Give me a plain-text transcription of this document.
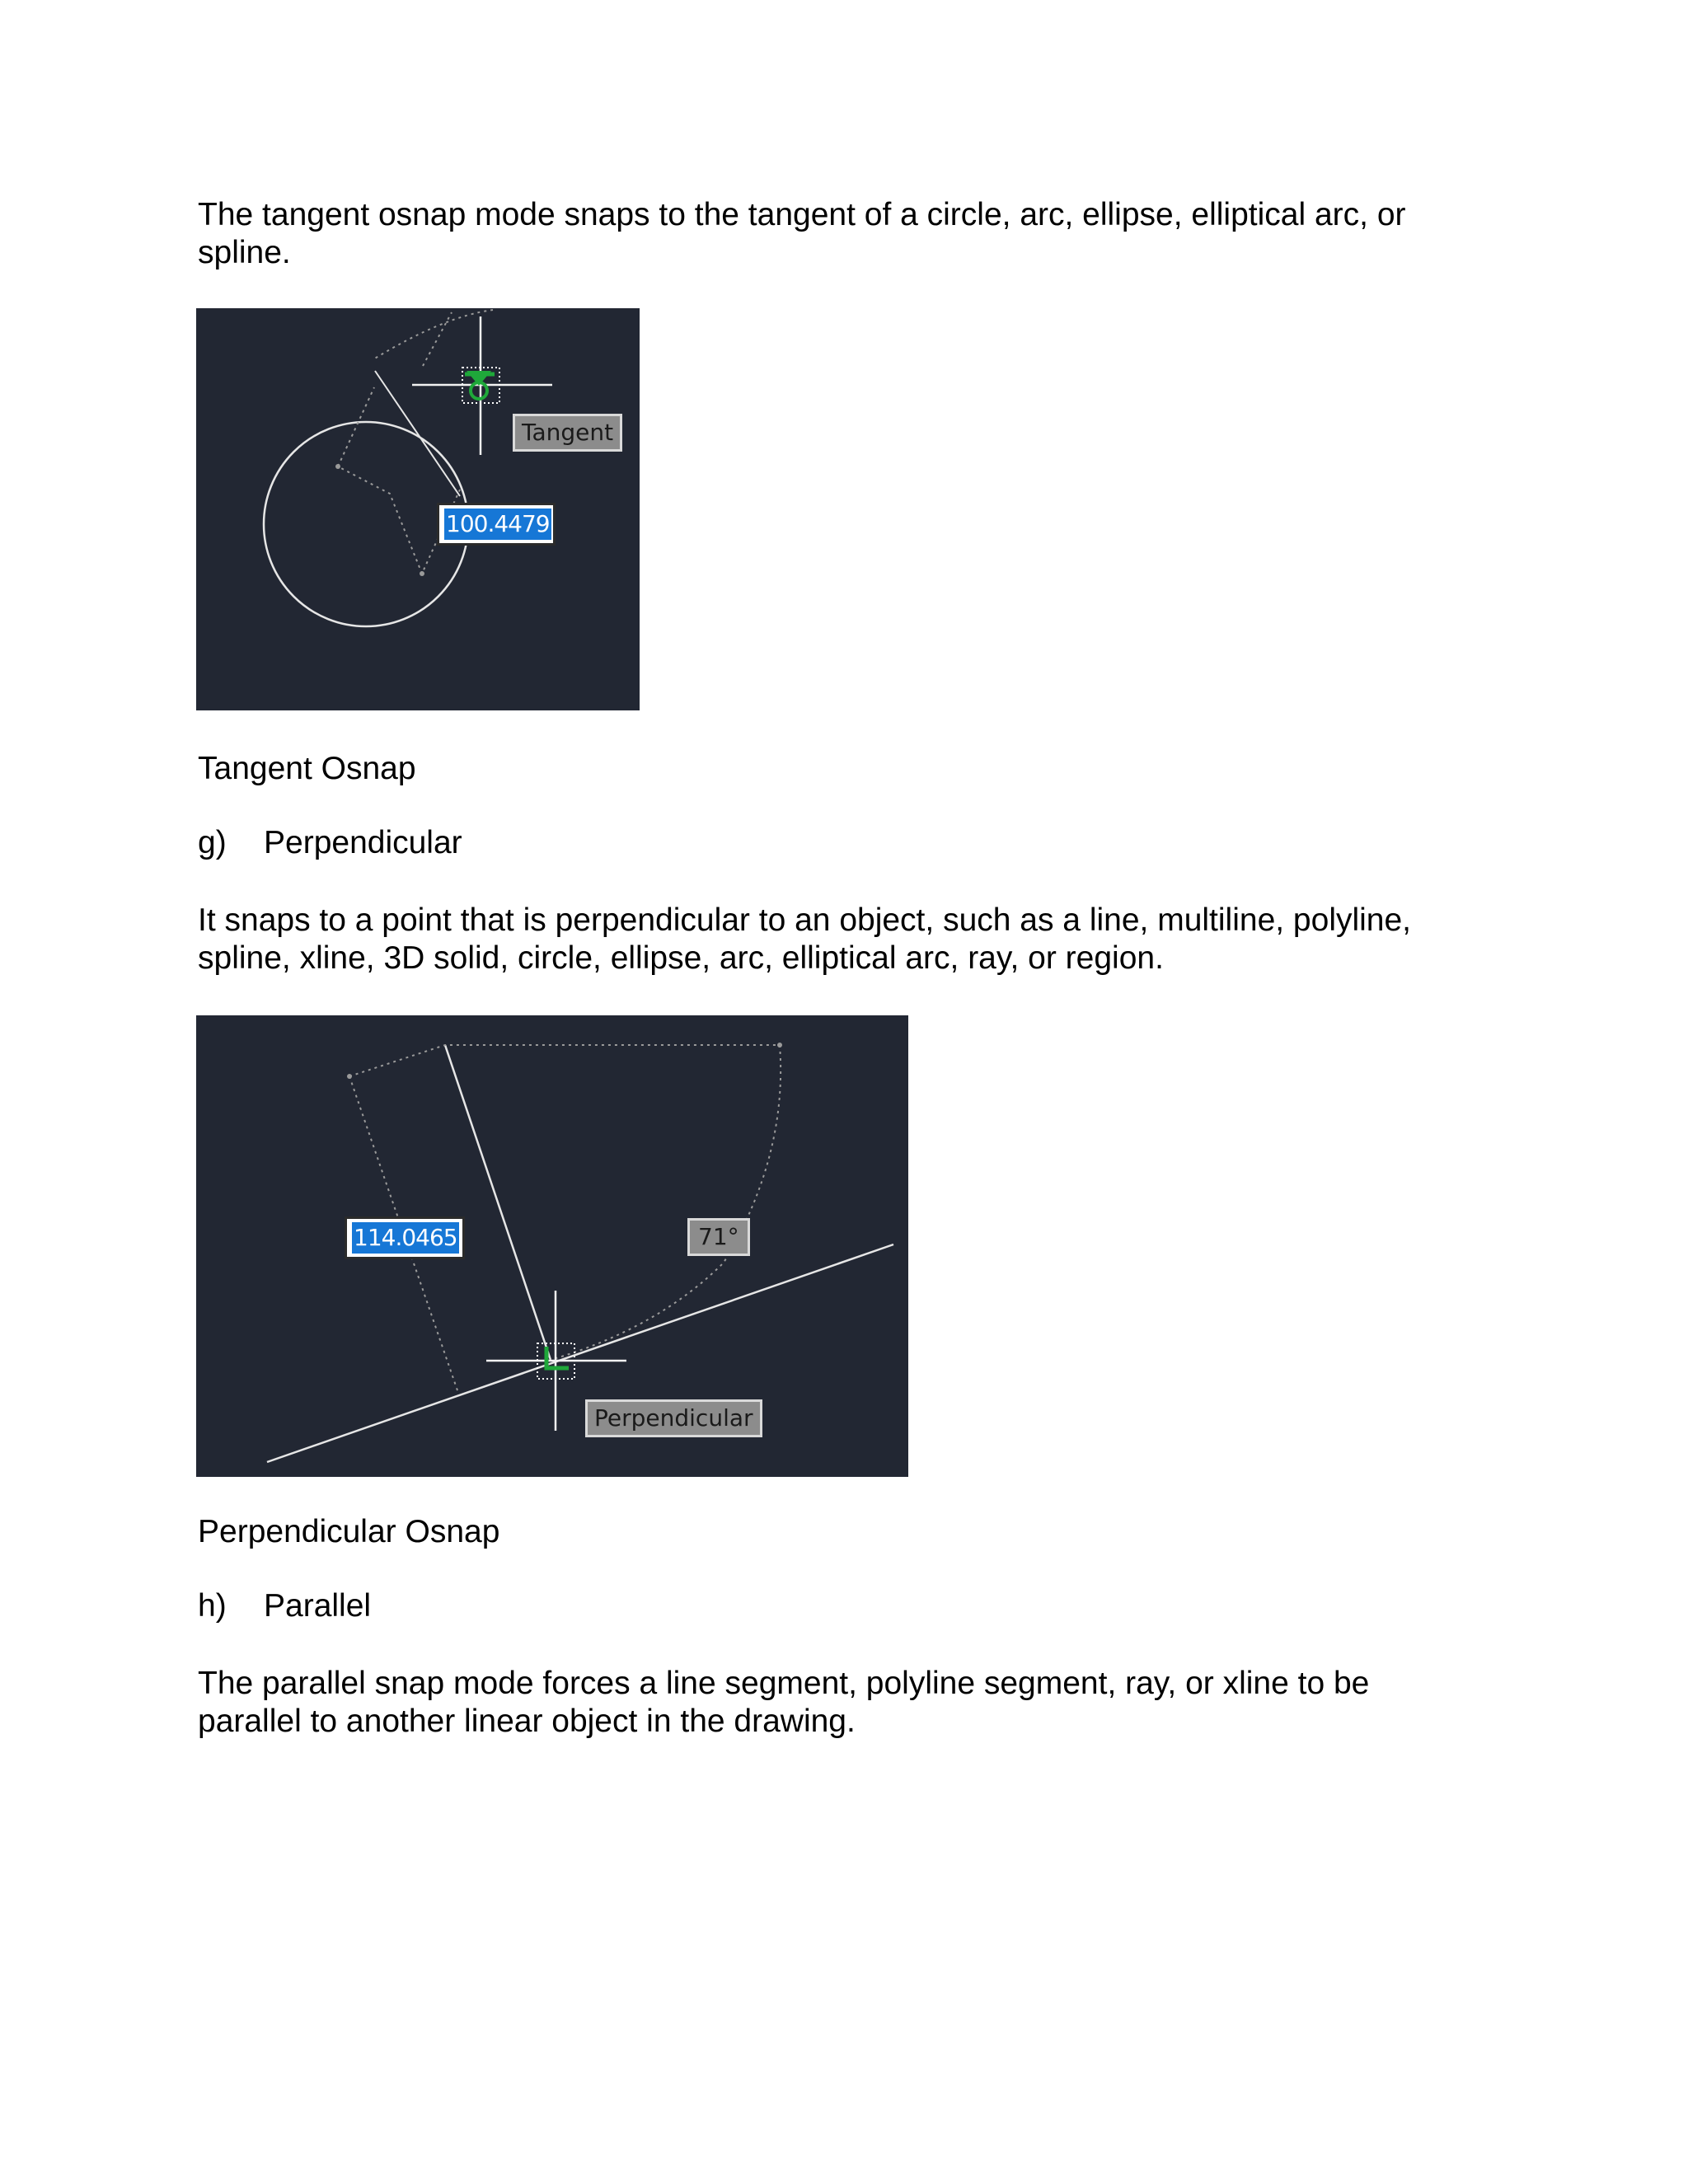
The tangent osnap mode snaps to the tangent of a circle, arc, ellipse, elliptical arc, or
spline.

Tangent
100.4479

Tangent Osnap

g) Perpendicular

It snaps to a point that is perpendicular to an object, such as a line, multiline, polyline,
spline, xline, 3D solid, circle, ellipse, arc, elliptical arc, ray, or region.

114.0465	71°
Perpendicular

Perpendicular Osnap

h) Parallel

The parallel snap mode forces a line segment, polyline segment, ray, or xline to be
parallel to another linear object in the drawing.
